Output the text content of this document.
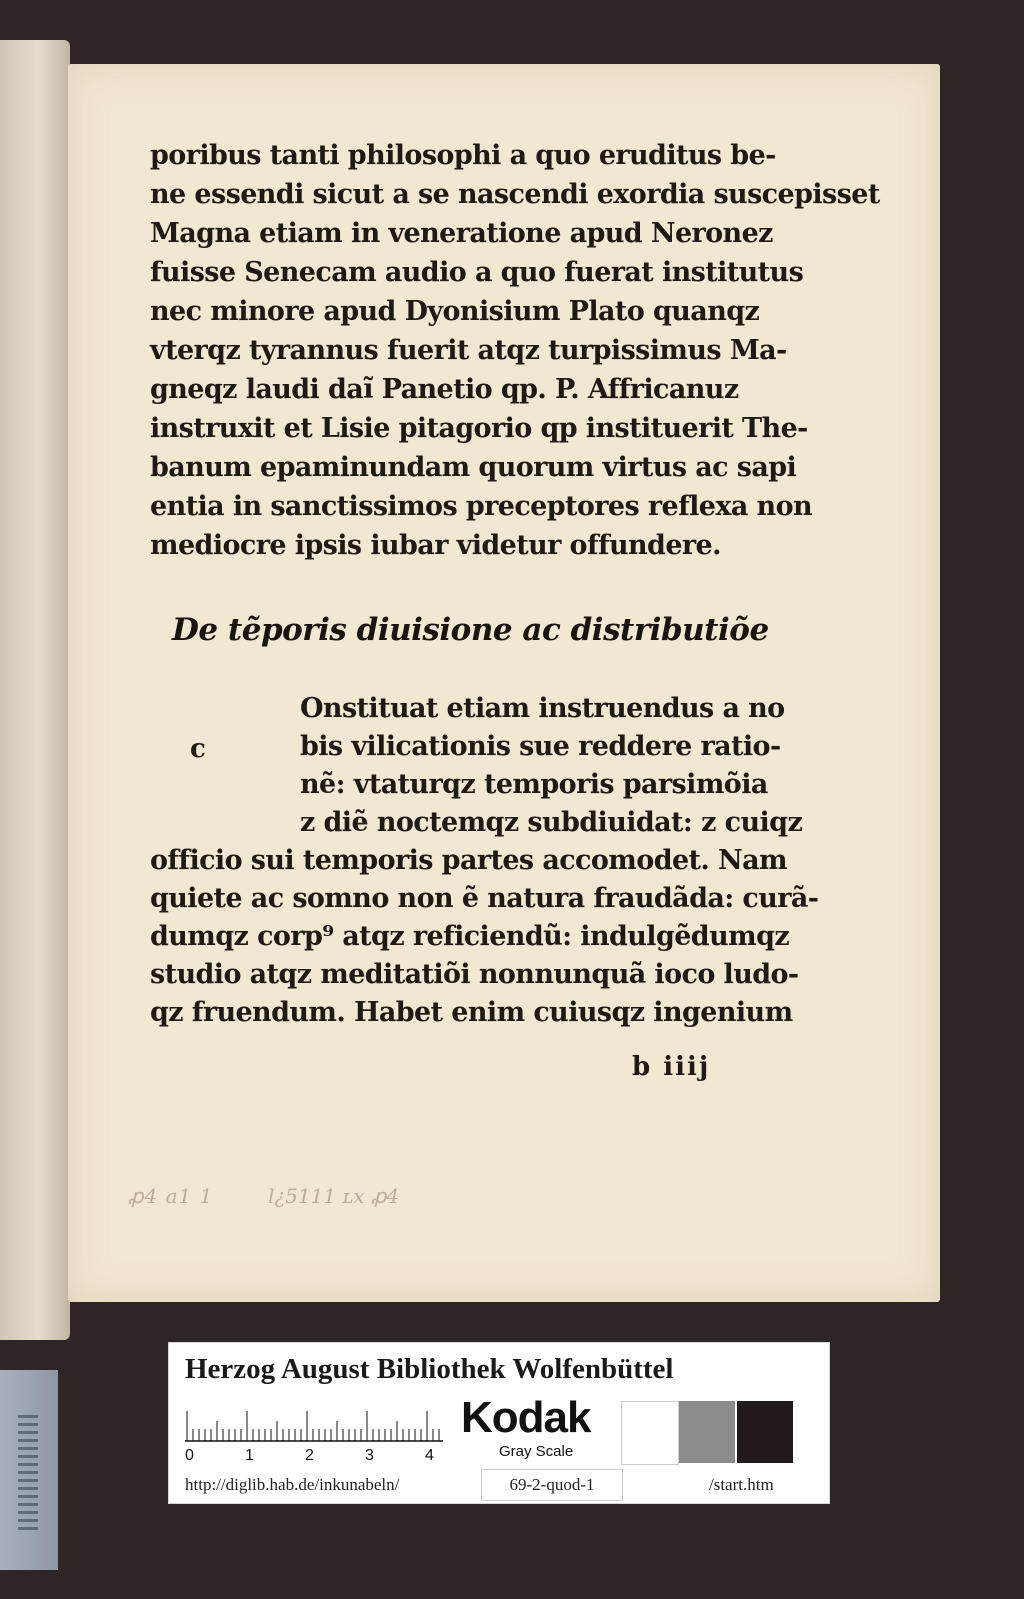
poribus tanti philosophi a quo eruditus be-
ne essendi sicut a se nascendi exordia suscepisset
Magna etiam in veneratione apud Neronez
fuisse Senecam audio a quo fuerat institutus
nec minore apud Dyonisium Plato quanqz
vterqz tyrannus fuerit atqz turpissimus Ma-
gneqz laudi daĩ Panetio qp. P. Affricanuz
instruxit et Lisie pitagorio qp instituerit The-
banum epaminundam quorum virtus ac sapi
entia in sanctissimos preceptores reflexa non
mediocre ipsis iubar videtur offundere.
De tẽporis diuisione ac distributiõe
c
Onstituat etiam instruendus a no
bis vilicationis sue reddere ratio-
nẽ: vtaturqz temporis parsimõia
z diẽ noctemqz subdiuidat: z cuiqz
officio sui temporis partes accomodet. Nam
quiete ac somno non ẽ natura fraudãda: curã-
dumqz corp⁹ atqz reficiendũ: indulgẽdumqz
studio atqz meditatiõi nonnunquã ioco ludo-
qz fruendum. Habet enim cuiusqz ingenium
b iiij
ꝓ4 a1 1	l¿5111 ʟx ꝓ4
Herzog August Bibliothek Wolfenbüttel
0	1	2	3	4
Kodak
Gray Scale
http://diglib.hab.de/inkunabeln/	69-2-quod-1	/start.htm
